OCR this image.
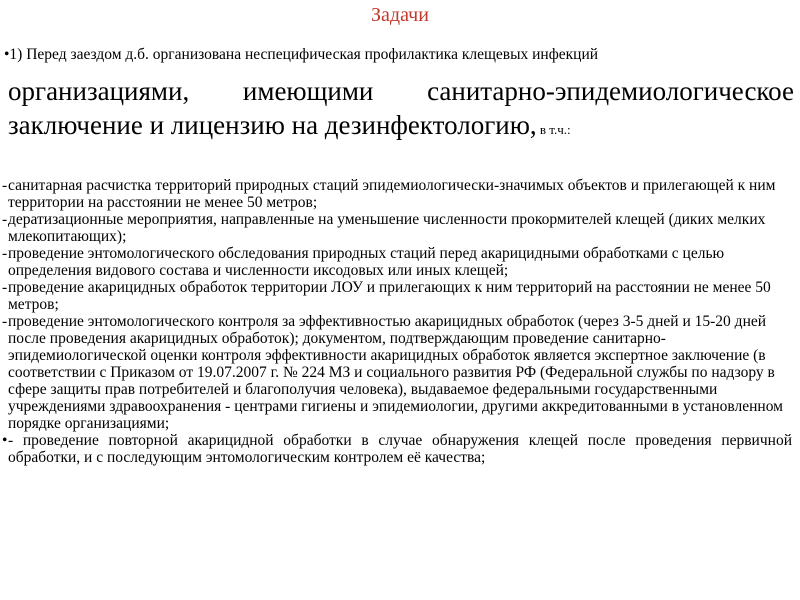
Задачи
•1) Перед заездом д.б. организована неспецифическая профилактика клещевых инфекций
организациями, имеющими санитарно-эпидемиологическое заключение и лицензию на дезинфектологию, в т.ч.:
- санитарная расчистка территорий природных стаций эпидемиологически-значимых объектов и прилегающей к ним территории на расстоянии не менее 50 метров;
- дератизационные мероприятия, направленные на уменьшение численности прокормителей клещей (диких мелких млекопитающих);
- проведение энтомологического обследования природных стаций перед акарицидными обработками с целью определения видового состава и численности иксодовых или иных клещей;
- проведение акарицидных обработок территории ЛОУ и прилегающих к ним территорий на расстоянии не менее 50 метров;
- проведение энтомологического контроля за эффективностью акарицидных обработок (через 3-5 дней и 15-20 дней после проведения акарицидных обработок); документом, подтверждающим проведение санитарно-эпидемиологической оценки контроля эффективности акарицидных обработок является экспертное заключение (в соответствии с Приказом от 19.07.2007 г. № 224 МЗ и социального развития РФ (Федеральной службы по надзору в сфере защиты прав потребителей и благополучия человека), выдаваемое федеральными государственными учреждениями здравоохранения - центрами гигиены и эпидемиологии, другими аккредитованными в установленном порядке организациями;
• - проведение повторной акарицидной обработки в случае обнаружения клещей после проведения первичной обработки, и с последующим энтомологическим контролем её качества;
